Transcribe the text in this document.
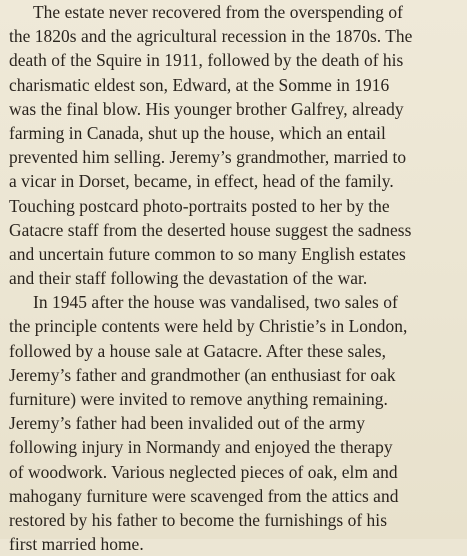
The estate never recovered from the overspending of
the 1820s and the agricultural recession in the 1870s. The
death of the Squire in 1911, followed by the death of his
charismatic eldest son, Edward, at the Somme in 1916
was the final blow. His younger brother Galfrey, already
farming in Canada, shut up the house, which an entail
prevented him selling. Jeremy’s grandmother, married to
a vicar in Dorset, became, in effect, head of the family.
Touching postcard photo-portraits posted to her by the
Gatacre staff from the deserted house suggest the sadness
and uncertain future common to so many English estates
and their staff following the devastation of the war.
In 1945 after the house was vandalised, two sales of
the principle contents were held by Christie’s in London,
followed by a house sale at Gatacre. After these sales,
Jeremy’s father and grandmother (an enthusiast for oak
furniture) were invited to remove anything remaining.
Jeremy’s father had been invalided out of the army
following injury in Normandy and enjoyed the therapy
of woodwork. Various neglected pieces of oak, elm and
mahogany furniture were scavenged from the attics and
restored by his father to become the furnishings of his
first married home.
